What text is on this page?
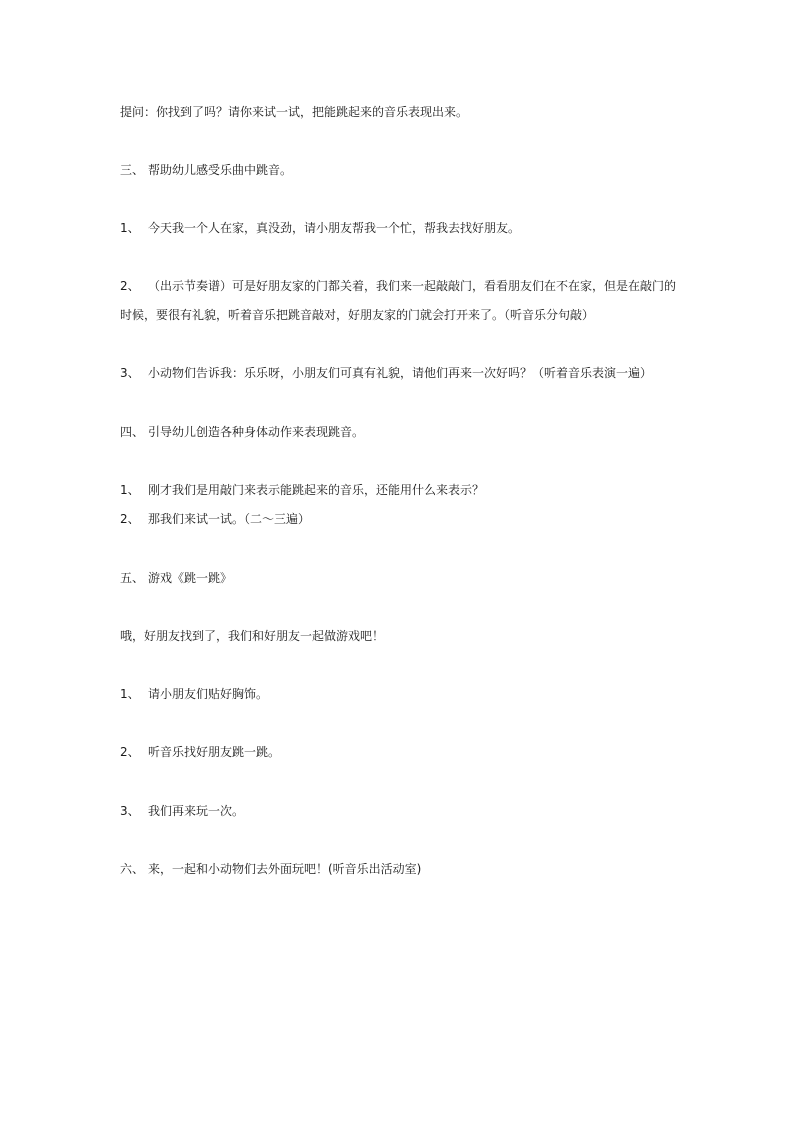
提问：你找到了吗？请你来试一试，把能跳起来的音乐表现出来。
三、 帮助幼儿感受乐曲中跳音。
1、 今天我一个人在家，真没劲，请小朋友帮我一个忙，帮我去找好朋友。
2、 （出示节奏谱）可是好朋友家的门都关着，我们来一起敲敲门，看看朋友们在不在家，但是在敲门的时候，要很有礼貌，听着音乐把跳音敲对，好朋友家的门就会打开来了。（听音乐分句敲）
3、 小动物们告诉我：乐乐呀，小朋友们可真有礼貌，请他们再来一次好吗？（听着音乐表演一遍）
四、 引导幼儿创造各种身体动作来表现跳音。
1、 刚才我们是用敲门来表示能跳起来的音乐，还能用什么来表示？
2、 那我们来试一试。（二～三遍）
五、 游戏《跳一跳》
哦，好朋友找到了，我们和好朋友一起做游戏吧！
1、 请小朋友们贴好胸饰。
2、 听音乐找好朋友跳一跳。
3、 我们再来玩一次。
六、 来，一起和小动物们去外面玩吧！(听音乐出活动室)
